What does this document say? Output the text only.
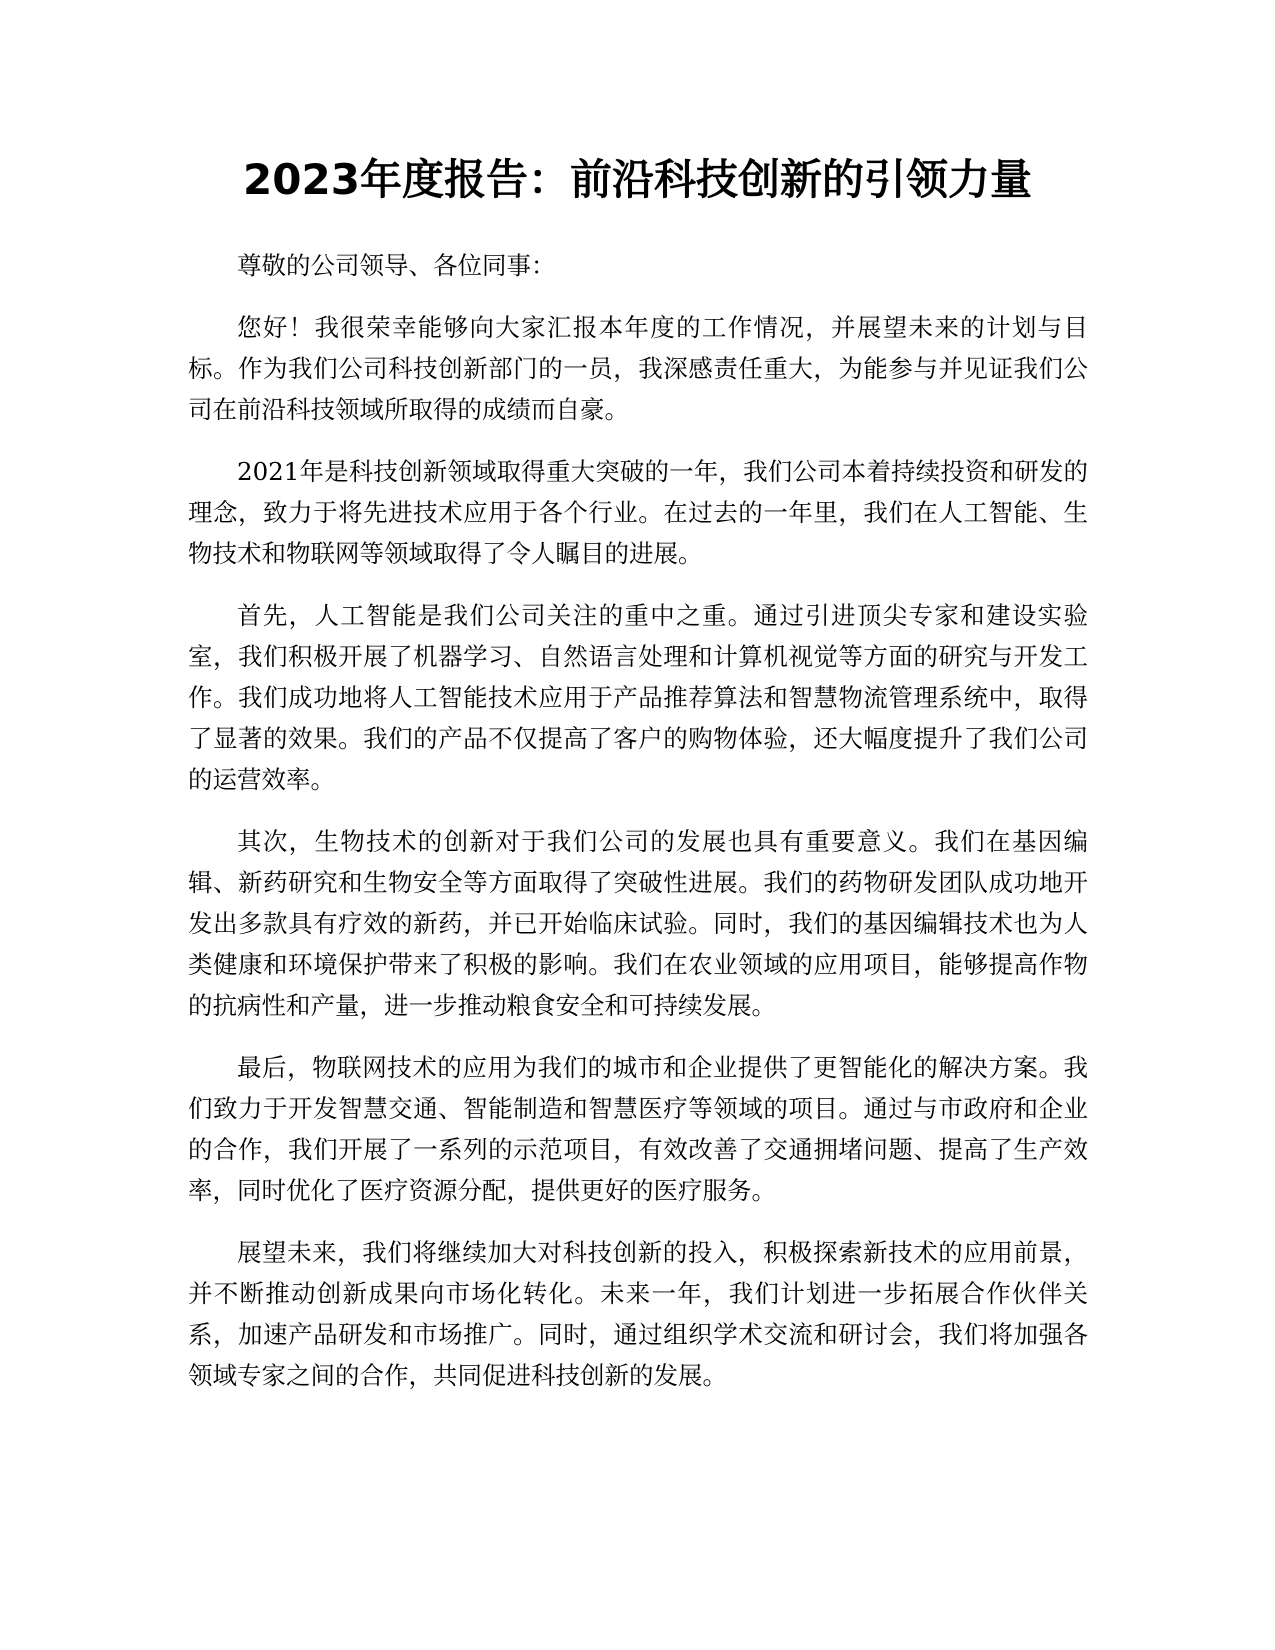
2023年度报告：前沿科技创新的引领力量

尊敬的公司领导、各位同事：

您好！我很荣幸能够向大家汇报本年度的工作情况，并展望未来的计划与目标。作为我们公司科技创新部门的一员，我深感责任重大，为能参与并见证我们公司在前沿科技领域所取得的成绩而自豪。

2021年是科技创新领域取得重大突破的一年，我们公司本着持续投资和研发的理念，致力于将先进技术应用于各个行业。在过去的一年里，我们在人工智能、生物技术和物联网等领域取得了令人瞩目的进展。

首先，人工智能是我们公司关注的重中之重。通过引进顶尖专家和建设实验室，我们积极开展了机器学习、自然语言处理和计算机视觉等方面的研究与开发工作。我们成功地将人工智能技术应用于产品推荐算法和智慧物流管理系统中，取得了显著的效果。我们的产品不仅提高了客户的购物体验，还大幅度提升了我们公司的运营效率。

其次，生物技术的创新对于我们公司的发展也具有重要意义。我们在基因编辑、新药研究和生物安全等方面取得了突破性进展。我们的药物研发团队成功地开发出多款具有疗效的新药，并已开始临床试验。同时，我们的基因编辑技术也为人类健康和环境保护带来了积极的影响。我们在农业领域的应用项目，能够提高作物的抗病性和产量，进一步推动粮食安全和可持续发展。

最后，物联网技术的应用为我们的城市和企业提供了更智能化的解决方案。我们致力于开发智慧交通、智能制造和智慧医疗等领域的项目。通过与市政府和企业的合作，我们开展了一系列的示范项目，有效改善了交通拥堵问题、提高了生产效率，同时优化了医疗资源分配，提供更好的医疗服务。

展望未来，我们将继续加大对科技创新的投入，积极探索新技术的应用前景，并不断推动创新成果向市场化转化。未来一年，我们计划进一步拓展合作伙伴关系，加速产品研发和市场推广。同时，通过组织学术交流和研讨会，我们将加强各领域专家之间的合作，共同促进科技创新的发展。
